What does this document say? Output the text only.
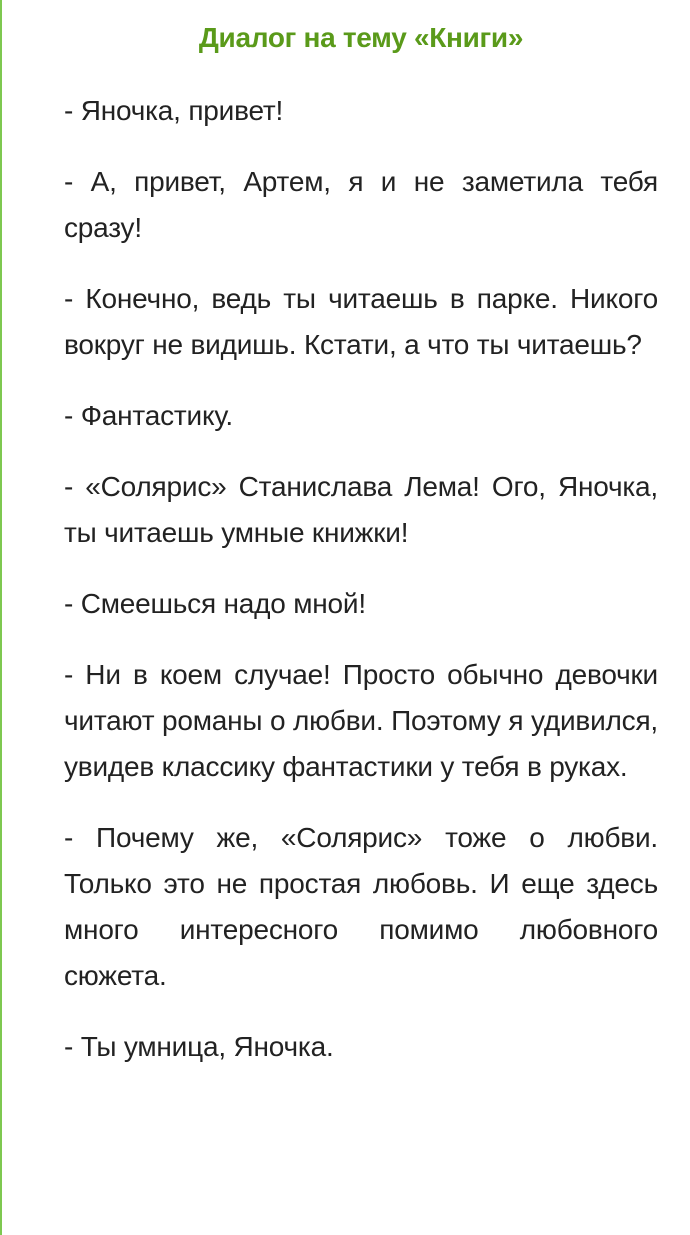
Диалог на тему «Книги»

- Яночка, привет!

- А, привет, Артем, я и не заметила тебя сразу!

- Конечно, ведь ты читаешь в парке. Никого вокруг не видишь. Кстати, а что ты читаешь?

- Фантастику.

- «Солярис» Станислава Лема! Ого, Яночка, ты читаешь умные книжки!

- Смеешься надо мной!

- Ни в коем случае! Просто обычно девочки читают романы о любви. Поэтому я удивился, увидев классику фантастики у тебя в руках.

- Почему же, «Солярис» тоже о любви. Только это не простая любовь. И еще здесь много интересного помимо любовного сюжета.

- Ты умница, Яночка.
